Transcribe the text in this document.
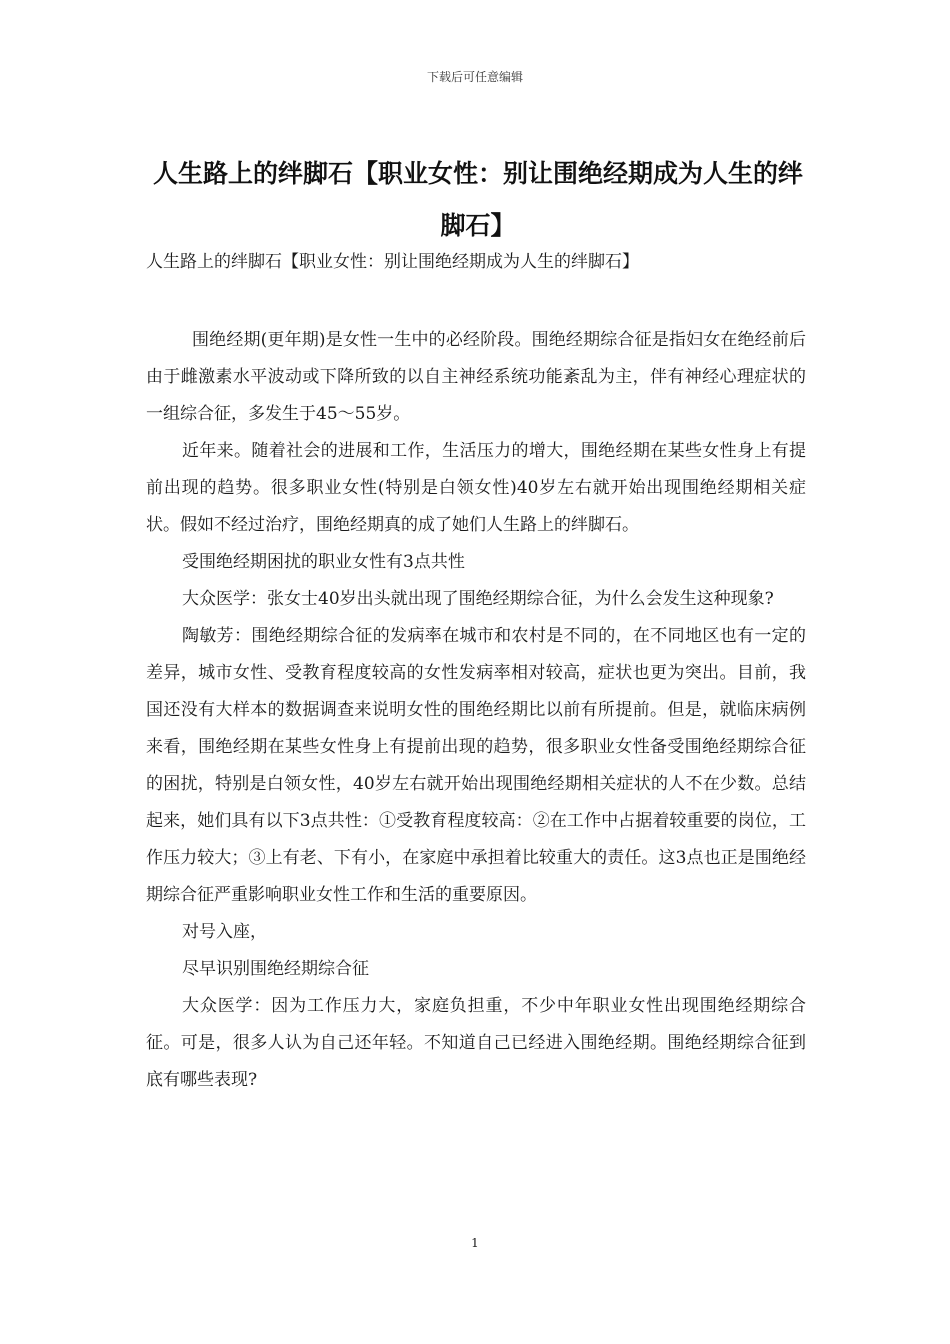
下载后可任意编辑
人生路上的绊脚石【职业女性：别让围绝经期成为人生的绊脚石】
人生路上的绊脚石【职业女性：别让围绝经期成为人生的绊脚石】

围绝经期(更年期)是女性一生中的必经阶段。围绝经期综合征是指妇女在绝经前后由于雌激素水平波动或下降所致的以自主神经系统功能紊乱为主，伴有神经心理症状的一组综合征，多发生于45～55岁。

近年来。随着社会的进展和工作，生活压力的增大，围绝经期在某些女性身上有提前出现的趋势。很多职业女性(特别是白领女性)40岁左右就开始出现围绝经期相关症状。假如不经过治疗，围绝经期真的成了她们人生路上的绊脚石。

受围绝经期困扰的职业女性有3点共性

大众医学：张女士40岁出头就出现了围绝经期综合征，为什么会发生这种现象?

陶敏芳：围绝经期综合征的发病率在城市和农村是不同的，在不同地区也有一定的差异，城市女性、受教育程度较高的女性发病率相对较高，症状也更为突出。目前，我国还没有大样本的数据调查来说明女性的围绝经期比以前有所提前。但是，就临床病例来看，围绝经期在某些女性身上有提前出现的趋势，很多职业女性备受围绝经期综合征的困扰，特别是白领女性，40岁左右就开始出现围绝经期相关症状的人不在少数。总结起来，她们具有以下3点共性：①受教育程度较高：②在工作中占据着较重要的岗位，工作压力较大；③上有老、下有小，在家庭中承担着比较重大的责任。这3点也正是围绝经期综合征严重影响职业女性工作和生活的重要原因。

对号入座，

尽早识别围绝经期综合征

大众医学：因为工作压力大，家庭负担重，不少中年职业女性出现围绝经期综合征。可是，很多人认为自己还年轻。不知道自己已经进入围绝经期。围绝经期综合征到底有哪些表现?

1
